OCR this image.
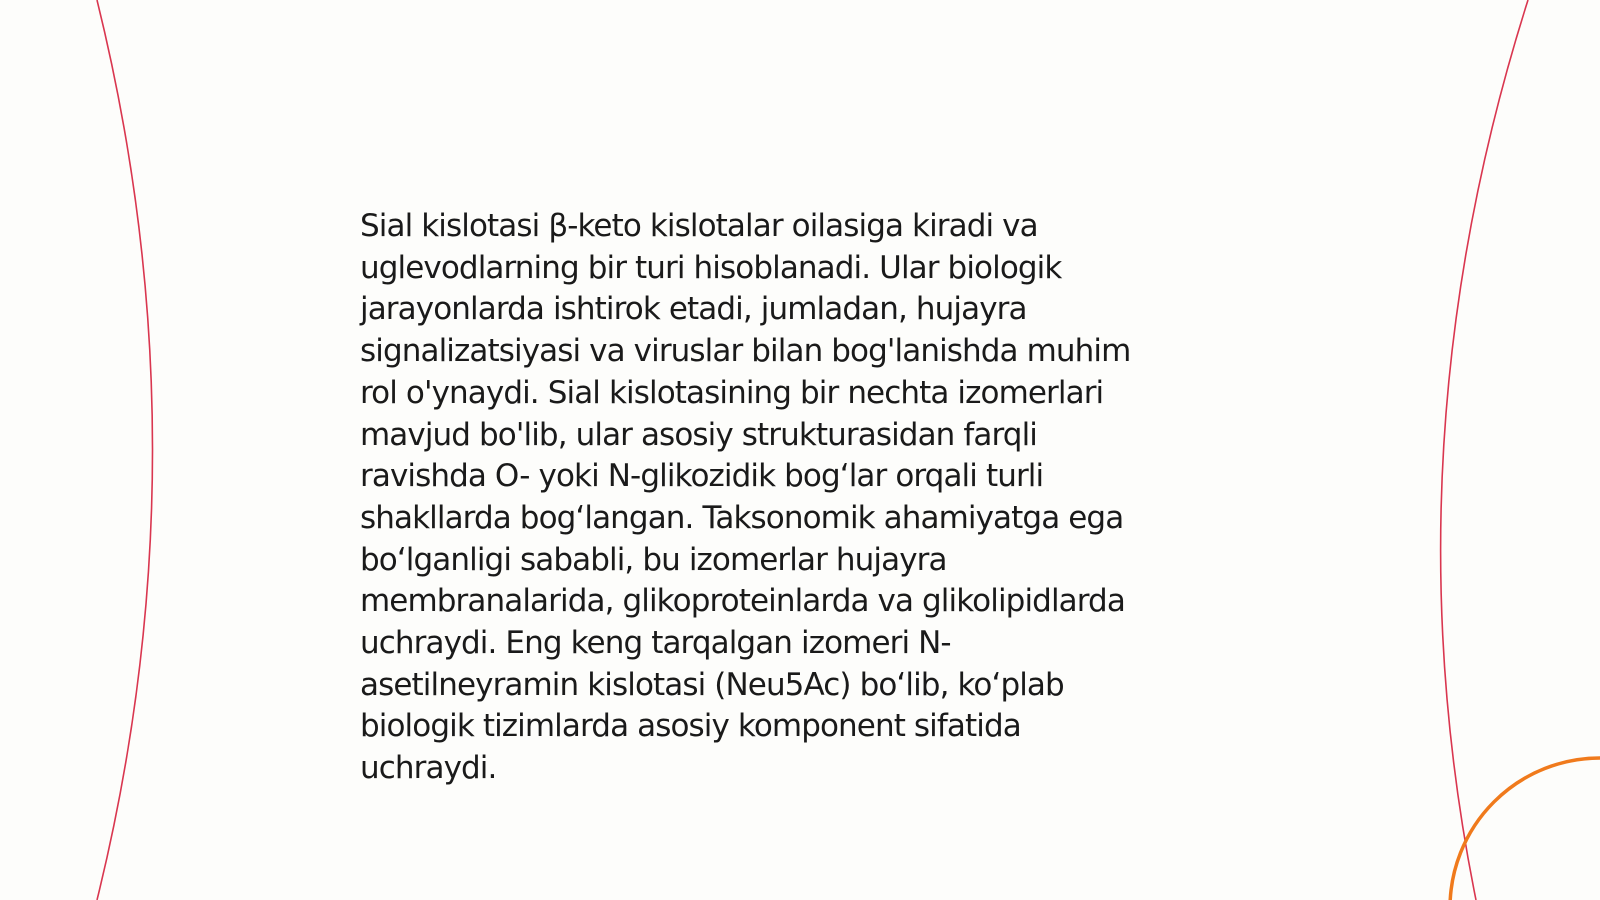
Sial kislotasi β-keto kislotalar oilasiga kiradi va
uglevodlarning bir turi hisoblanadi. Ular biologik
jarayonlarda ishtirok etadi, jumladan, hujayra
signalizatsiyasi va viruslar bilan bog'lanishda muhim
rol o'ynaydi. Sial kislotasining bir nechta izomerlari
mavjud bo'lib, ular asosiy strukturasidan farqli
ravishda O- yoki N-glikozidik bogʻlar orqali turli
shakllarda bogʻlangan. Taksonomik ahamiyatga ega
boʻlganligi sababli, bu izomerlar hujayra
membranalarida, glikoproteinlarda va glikolipidlarda
uchraydi. Eng keng tarqalgan izomeri N-
asetilneyramin kislotasi (Neu5Ac) boʻlib, koʻplab
biologik tizimlarda asosiy komponent sifatida
uchraydi.
